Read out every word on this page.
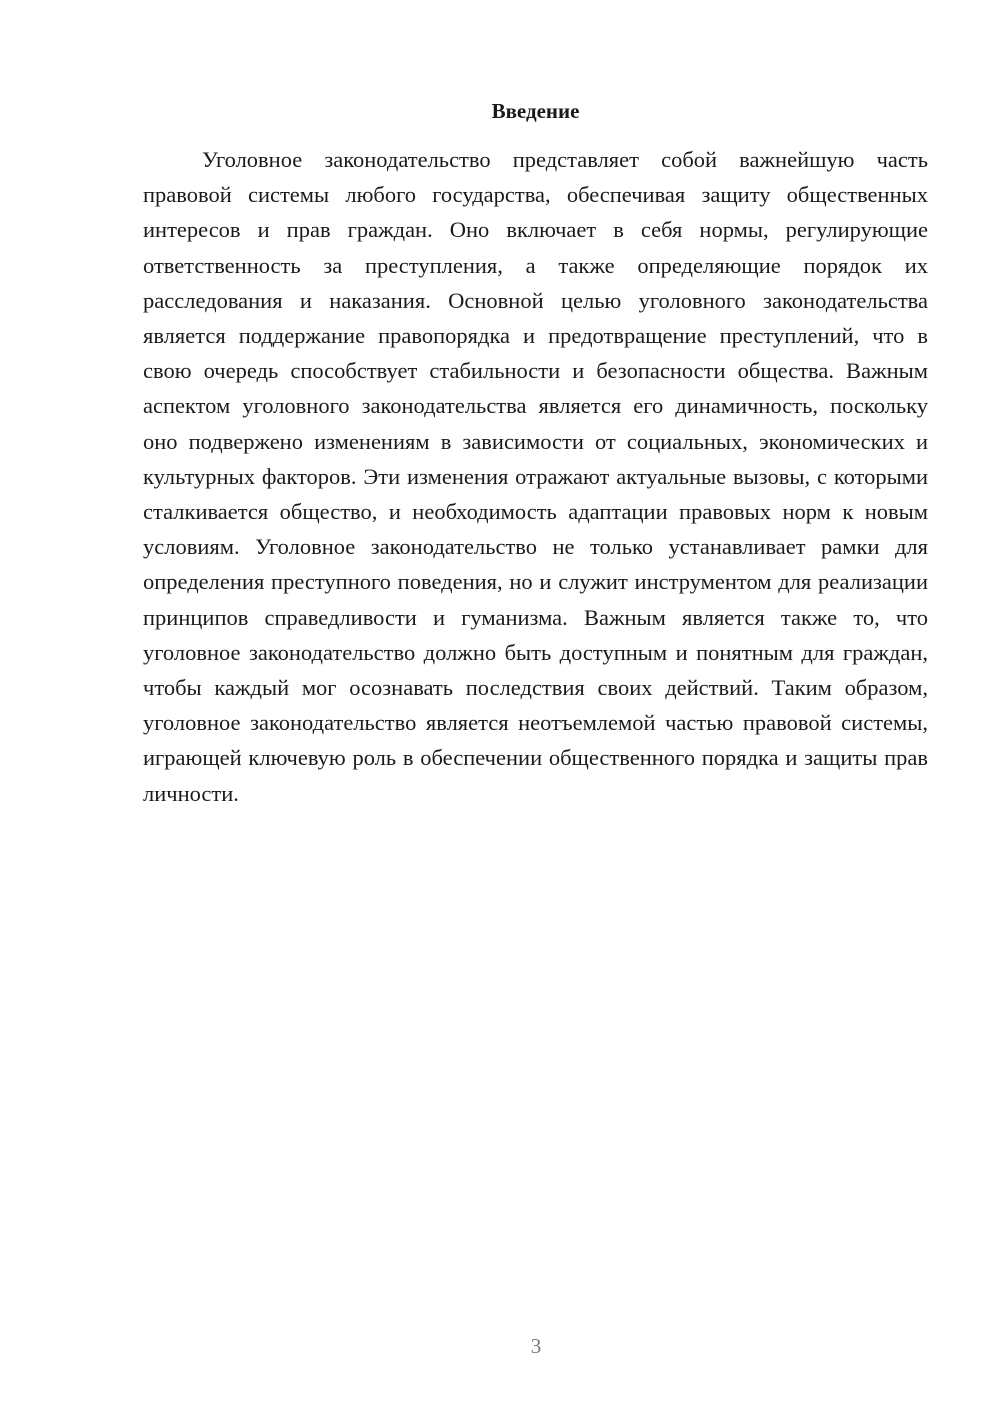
Введение

Уголовное законодательство представляет собой важнейшую часть правовой системы любого государства, обеспечивая защиту общественных интересов и прав граждан. Оно включает в себя нормы, регулирующие ответственность за преступления, а также определяющие порядок их расследования и наказания. Основной целью уголовного законодательства является поддержание правопорядка и предотвращение преступлений, что в свою очередь способствует стабильности и безопасности общества. Важным аспектом уголовного законодательства является его динамичность, поскольку оно подвержено изменениям в зависимости от социальных, экономических и культурных факторов. Эти изменения отражают актуальные вызовы, с которыми сталкивается общество, и необходимость адаптации правовых норм к новым условиям. Уголовное законодательство не только устанавливает рамки для определения преступного поведения, но и служит инструментом для реализации принципов справедливости и гуманизма. Важным является также то, что уголовное законодательство должно быть доступным и понятным для граждан, чтобы каждый мог осознавать последствия своих действий. Таким образом, уголовное законодательство является неотъемлемой частью правовой системы, играющей ключевую роль в обеспечении общественного порядка и защиты прав личности.

3
